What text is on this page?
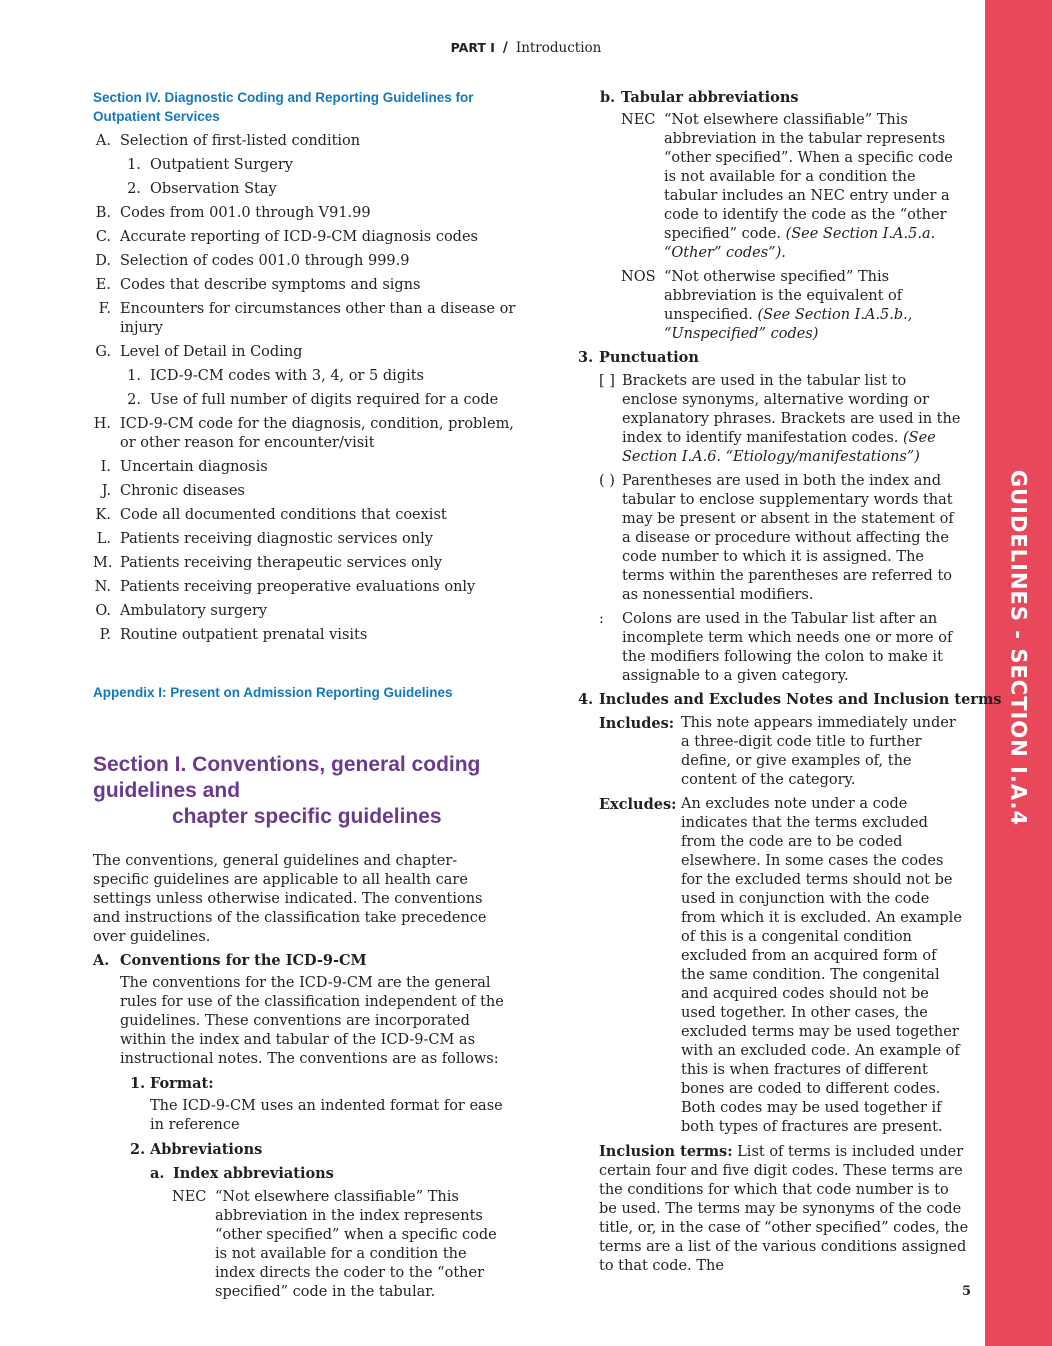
GUIDELINES - SECTION I.A.4
PART I / Introduction
Section IV. Diagnostic Coding and Reporting Guidelines for Outpatient Services
A. Selection of first-listed condition
1. Outpatient Surgery
2. Observation Stay
B. Codes from 001.0 through V91.99
C. Accurate reporting of ICD-9-CM diagnosis codes
D. Selection of codes 001.0 through 999.9
E. Codes that describe symptoms and signs
F. Encounters for circumstances other than a disease or injury
G. Level of Detail in Coding
1. ICD-9-CM codes with 3, 4, or 5 digits
2. Use of full number of digits required for a code
H. ICD-9-CM code for the diagnosis, condition, problem, or other reason for encounter/visit
I. Uncertain diagnosis
J. Chronic diseases
K. Code all documented conditions that coexist
L. Patients receiving diagnostic services only
M. Patients receiving therapeutic services only
N. Patients receiving preoperative evaluations only
O. Ambulatory surgery
P. Routine outpatient prenatal visits
Appendix I: Present on Admission Reporting Guidelines
Section I. Conventions, general coding guidelines and
chapter specific guidelines

The conventions, general guidelines and chapter-specific guidelines are applicable to all health care settings unless otherwise indicated. The conventions and instructions of the classification take precedence over guidelines.

A. Conventions for the ICD-9-CM

The conventions for the ICD-9-CM are the general rules for use of the classification independent of the guidelines. These conventions are incorporated within the index and tabular of the ICD-9-CM as instructional notes. The conventions are as follows:

1. Format:

The ICD-9-CM uses an indented format for ease in reference

2. Abbreviations
a. Index abbreviations
NEC “Not elsewhere classifiable” This abbreviation in the index represents “other specified” when a specific code is not available for a condition the index directs the coder to the “other specified” code in the tabular.
b. Tabular abbreviations
NEC “Not elsewhere classifiable” This abbreviation in the tabular represents “other specified”. When a specific code is not available for a condition the tabular includes an NEC entry under a code to identify the code as the “other specified” code. (See Section I.A.5.a. “Other” codes”).
NOS “Not otherwise specified” This abbreviation is the equivalent of unspecified. (See Section I.A.5.b., “Unspecified” codes)
3. Punctuation
[ ] Brackets are used in the tabular list to enclose synonyms, alternative wording or explanatory phrases. Brackets are used in the index to identify manifestation codes. (See Section I.A.6. “Etiology/manifestations”)
( ) Parentheses are used in both the index and tabular to enclose supplementary words that may be present or absent in the statement of a disease or procedure without affecting the code number to which it is assigned. The terms within the parentheses are referred to as nonessential modifiers.
: Colons are used in the Tabular list after an incomplete term which needs one or more of the modifiers following the colon to make it assignable to a given category.
4. Includes and Excludes Notes and Inclusion terms
Includes: This note appears immediately under a three-digit code title to further define, or give examples of, the content of the category.
Excludes: An excludes note under a code indicates that the terms excluded from the code are to be coded elsewhere. In some cases the codes for the excluded terms should not be used in conjunction with the code from which it is excluded. An example of this is a congenital condition excluded from an acquired form of the same condition. The congenital and acquired codes should not be used together. In other cases, the excluded terms may be used together with an excluded code. An example of this is when fractures of different bones are coded to different codes. Both codes may be used together if both types of fractures are present.
Inclusion terms: List of terms is included under certain four and five digit codes. These terms are the conditions for which that code number is to be used. The terms may be synonyms of the code title, or, in the case of “other specified” codes, the terms are a list of the various conditions assigned to that code. The
5
